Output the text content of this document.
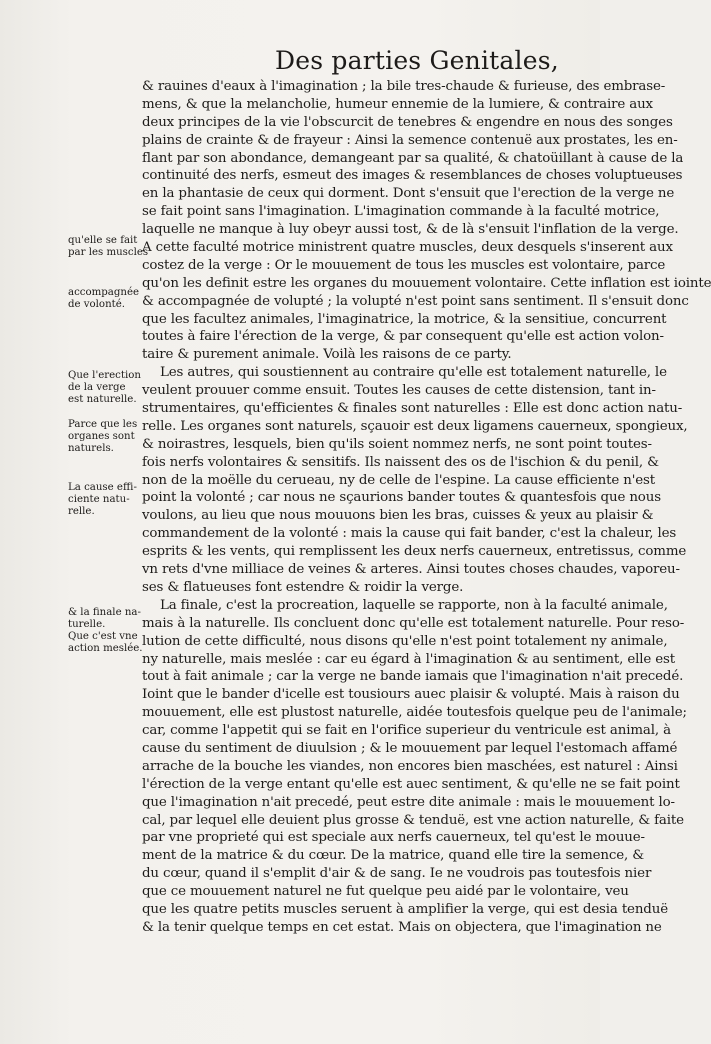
Des parties Genitales,
& rauines d'eaux à l'imagination ; la bile tres-chaude & furieuse, des embrase-
mens, & que la melancholie, humeur ennemie de la lumiere, & contraire aux
deux principes de la vie l'obscurcit de tenebres & engendre en nous des songes
plains de crainte & de frayeur : Ainsi la semence contenuë aux prostates, les en-
flant par son abondance, demangeant par sa qualité, & chatoüillant à cause de la
continuité des nerfs, esmeut des images & resemblances de choses voluptueuses
en la phantasie de ceux qui dorment. Dont s'ensuit que l'erection de la verge ne
se fait point sans l'imagination. L'imagination commande à la faculté motrice,
laquelle ne manque à luy obeyr aussi tost, & de là s'ensuit l'inflation de la verge.
A cette faculté motrice ministrent quatre muscles, deux desquels s'inserent aux
costez de la verge : Or le mouuement de tous les muscles est volontaire, parce
qu'on les definit estre les organes du mouuement volontaire. Cette inflation est iointe
& accompagnée de volupté ; la volupté n'est point sans sentiment. Il s'ensuit donc
que les facultez animales, l'imaginatrice, la motrice, & la sensitiue, concurrent
toutes à faire l'érection de la verge, & par consequent qu'elle est action volon-
taire & purement animale. Voilà les raisons de ce party.
Les autres, qui soustiennent au contraire qu'elle est totalement naturelle, le
veulent prouuer comme ensuit. Toutes les causes de cette distension, tant in-
strumentaires, qu'efficientes & finales sont naturelles : Elle est donc action natu-
relle. Les organes sont naturels, sçauoir est deux ligamens cauerneux, spongieux,
& noirastres, lesquels, bien qu'ils soient nommez nerfs, ne sont point toutes-
fois nerfs volontaires & sensitifs. Ils naissent des os de l'ischion & du penil, &
non de la moëlle du cerueau, ny de celle de l'espine. La cause efficiente n'est
point la volonté ; car nous ne sçaurions bander toutes & quantesfois que nous
voulons, au lieu que nous mouuons bien les bras, cuisses & yeux au plaisir &
commandement de la volonté : mais la cause qui fait bander, c'est la chaleur, les
esprits & les vents, qui remplissent les deux nerfs cauerneux, entretissus, comme
vn rets d'vne milliace de veines & arteres. Ainsi toutes choses chaudes, vaporeu-
ses & flatueuses font estendre & roidir la verge.
La finale, c'est la procreation, laquelle se rapporte, non à la faculté animale,
mais à la naturelle. Ils concluent donc qu'elle est totalement naturelle. Pour reso-
lution de cette difficulté, nous disons qu'elle n'est point totalement ny animale,
ny naturelle, mais meslée : car eu égard à l'imagination & au sentiment, elle est
tout à fait animale ; car la verge ne bande iamais que l'imagination n'ait precedé.
Ioint que le bander d'icelle est tousiours auec plaisir & volupté. Mais à raison du
mouuement, elle est plustost naturelle, aidée toutesfois quelque peu de l'animale;
car, comme l'appetit qui se fait en l'orifice superieur du ventricule est animal, à
cause du sentiment de diuulsion ; & le mouuement par lequel l'estomach affamé
arrache de la bouche les viandes, non encores bien maschées, est naturel : Ainsi
l'érection de la verge entant qu'elle est auec sentiment, & qu'elle ne se fait point
que l'imagination n'ait precedé, peut estre dite animale : mais le mouuement lo-
cal, par lequel elle deuient plus grosse & tenduë, est vne action naturelle, & faite
par vne proprieté qui est speciale aux nerfs cauerneux, tel qu'est le mouue-
ment de la matrice & du cœur. De la matrice, quand elle tire la semence, &
du cœur, quand il s'emplit d'air & de sang. Ie ne voudrois pas toutesfois nier
que ce mouuement naturel ne fut quelque peu aidé par le volontaire, veu
que les quatre petits muscles seruent à amplifier la verge, qui est desia tenduë
& la tenir quelque temps en cet estat. Mais on objectera, que l'imagination ne
qu'elle se fait
par les muscles
accompagnée
de volonté.
Que l'erection
de la verge
est naturelle.
Parce que les
organes sont
naturels.
La cause effi-
ciente natu-
relle.
& la finale na-
turelle.
Que c'est vne
action meslée.
